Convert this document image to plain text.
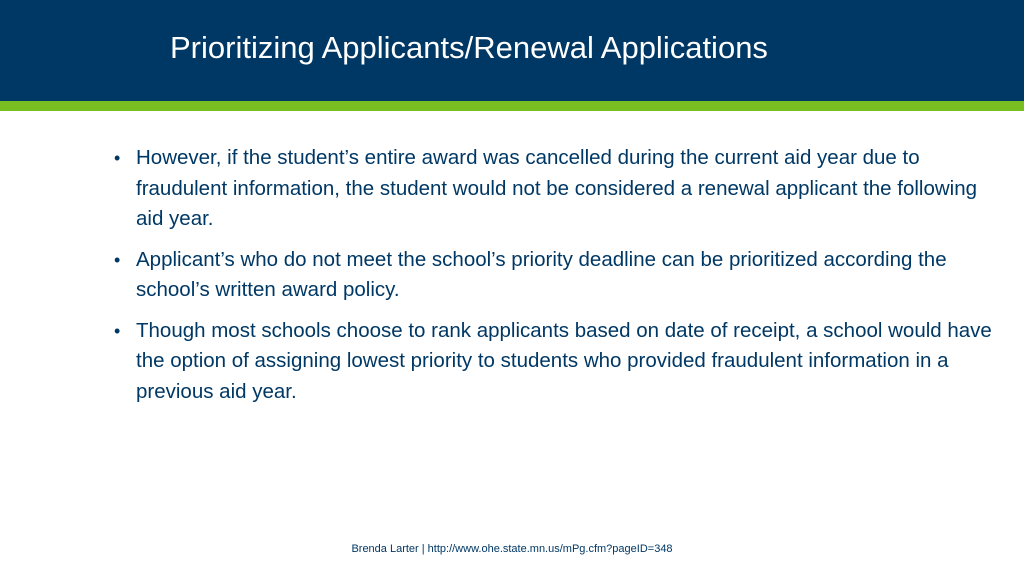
Prioritizing Applicants/Renewal Applications
• However, if the student’s entire award was cancelled during the current aid year due to fraudulent information, the student would not be considered a renewal applicant the following aid year.
• Applicant’s who do not meet the school’s priority deadline can be prioritized according the school’s written award policy.
• Though most schools choose to rank applicants based on date of receipt, a school would have the option of assigning lowest priority to students who provided fraudulent information in a previous aid year.
Brenda Larter | http://www.ohe.state.mn.us/mPg.cfm?pageID=348
